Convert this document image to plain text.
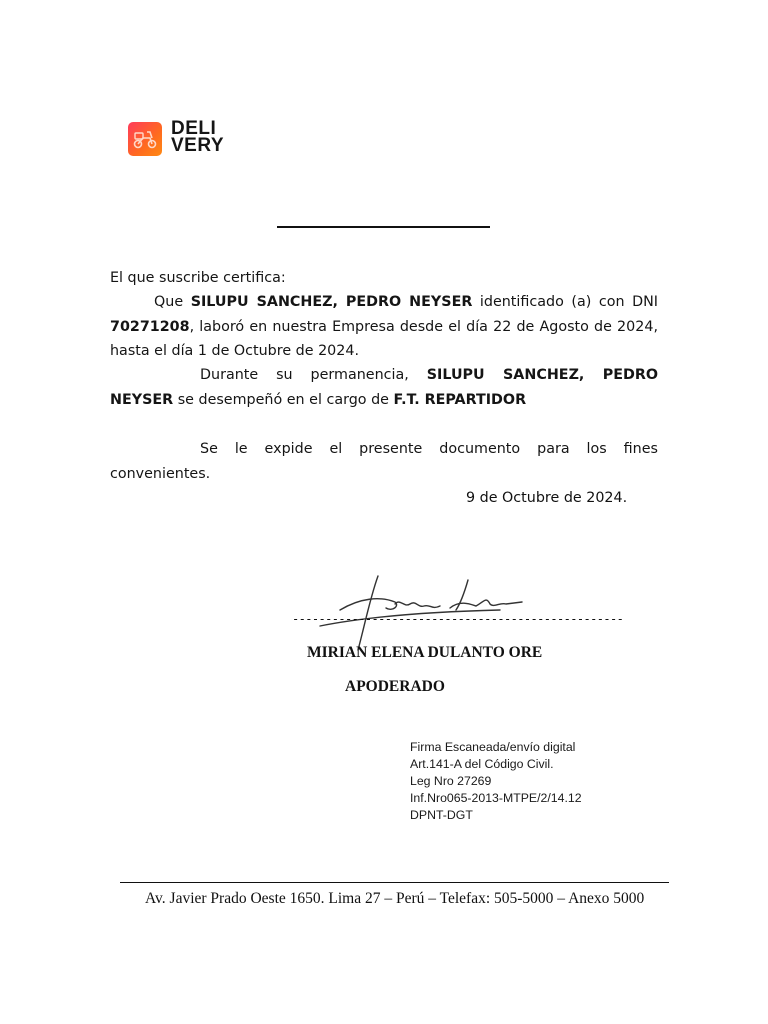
DELI
VERY
El que suscribe certifica:
Que SILUPU SANCHEZ, PEDRO NEYSER identificado (a) con DNI 70271208, laboró en nuestra Empresa desde el día 22 de Agosto de 2024, hasta el día 1 de Octubre de 2024.
Durante su permanencia, SILUPU SANCHEZ, PEDRO NEYSER se desempeñó en el cargo de F.T. REPARTIDOR
Se le expide el presente documento para los fines convenientes.
9 de Octubre de 2024.
--------------------------------------------------
MIRIAN ELENA DULANTO ORE
APODERADO
Firma Escaneada/envío digital
Art.141-A del Código Civil.
Leg Nro 27269
Inf.Nro065-2013-MTPE/2/14.12
DPNT-DGT
Av. Javier Prado Oeste 1650. Lima 27 – Perú – Telefax: 505-5000 – Anexo 5000
